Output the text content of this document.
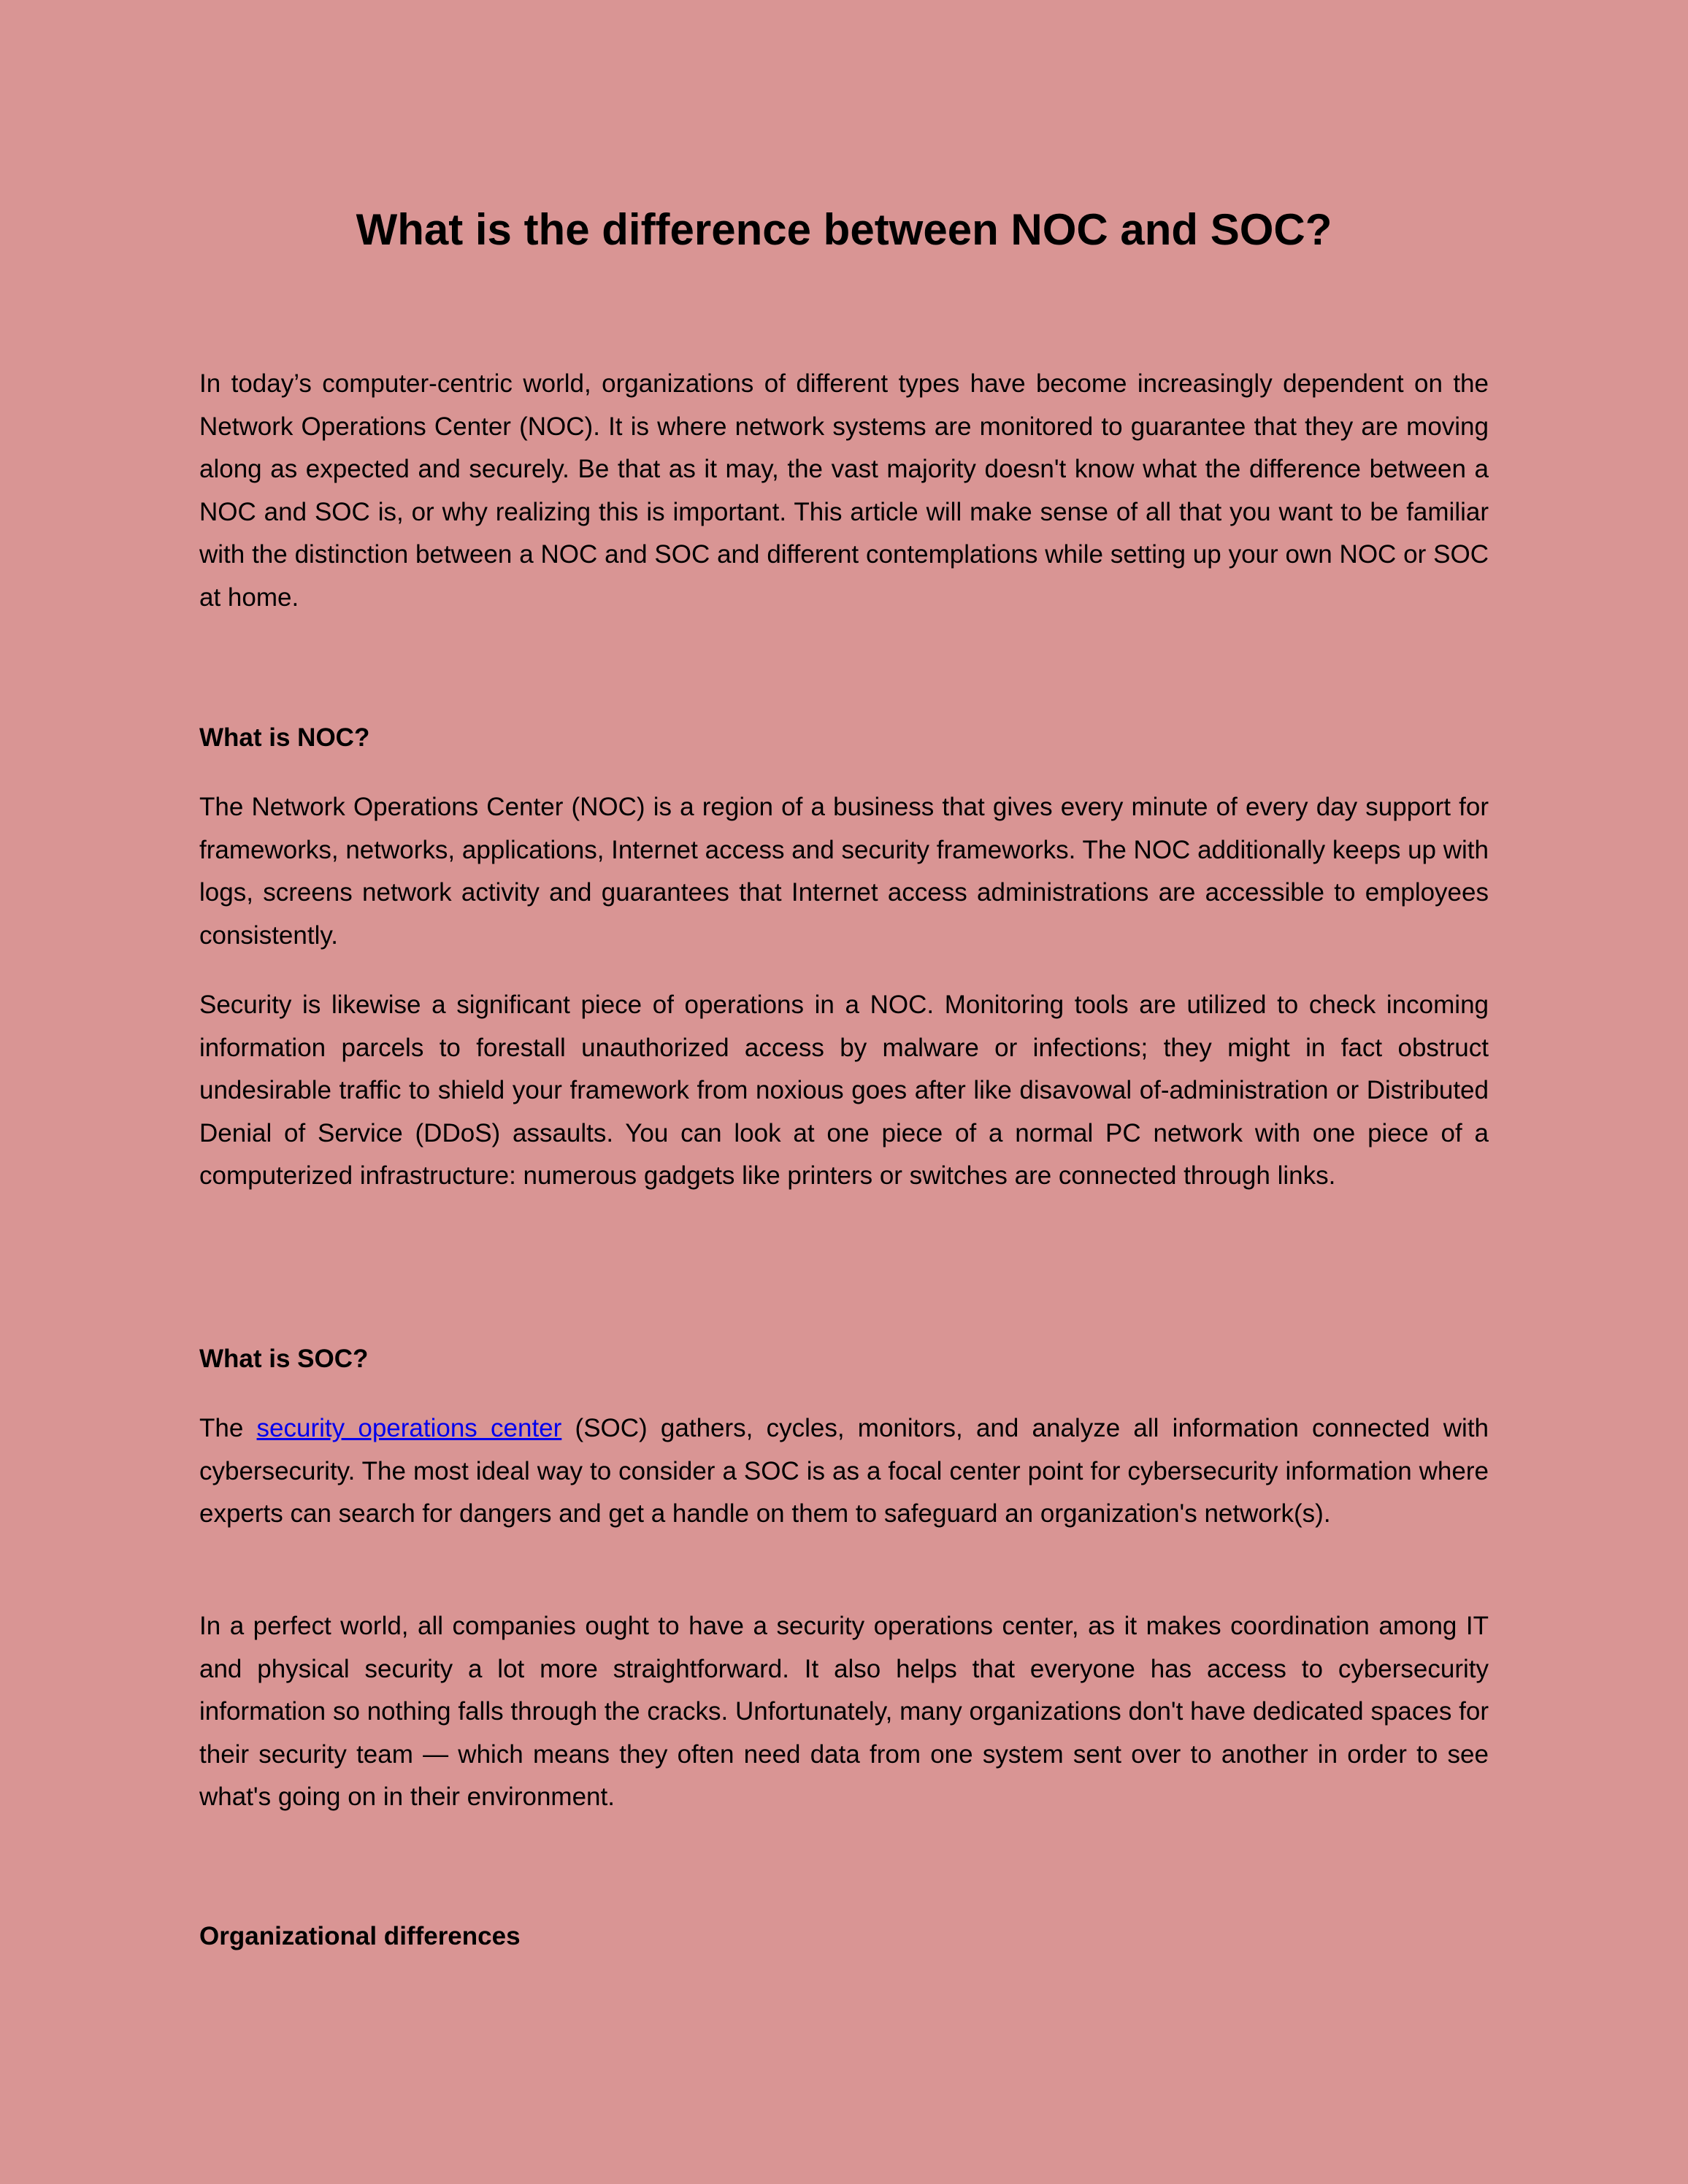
What is the difference between NOC and SOC?

In today’s computer-centric world, organizations of different types have become increasingly dependent on the Network Operations Center (NOC). It is where network systems are monitored to guarantee that they are moving along as expected and securely. Be that as it may, the vast majority doesn't know what the difference between a NOC and SOC is, or why realizing this is important. This article will make sense of all that you want to be familiar with the distinction between a NOC and SOC and different contemplations while setting up your own NOC or SOC at home.

What is NOC?

The Network Operations Center (NOC) is a region of a business that gives every minute of every day support for frameworks, networks, applications, Internet access and security frameworks. The NOC additionally keeps up with logs, screens network activity and guarantees that Internet access administrations are accessible to employees consistently.

Security is likewise a significant piece of operations in a NOC. Monitoring tools are utilized to check incoming information parcels to forestall unauthorized access by malware or infections; they might in fact obstruct undesirable traffic to shield your framework from noxious goes after like disavowal of-administration or Distributed Denial of Service (DDoS) assaults. You can look at one piece of a normal PC network with one piece of a computerized infrastructure: numerous gadgets like printers or switches are connected through links.

What is SOC?

The security operations center (SOC) gathers, cycles, monitors, and analyze all information connected with cybersecurity. The most ideal way to consider a SOC is as a focal center point for cybersecurity information where experts can search for dangers and get a handle on them to safeguard an organization's network(s).

In a perfect world, all companies ought to have a security operations center, as it makes coordination among IT and physical security a lot more straightforward. It also helps that everyone has access to cybersecurity information so nothing falls through the cracks. Unfortunately, many organizations don't have dedicated spaces for their security team — which means they often need data from one system sent over to another in order to see what's going on in their environment.

Organizational differences
